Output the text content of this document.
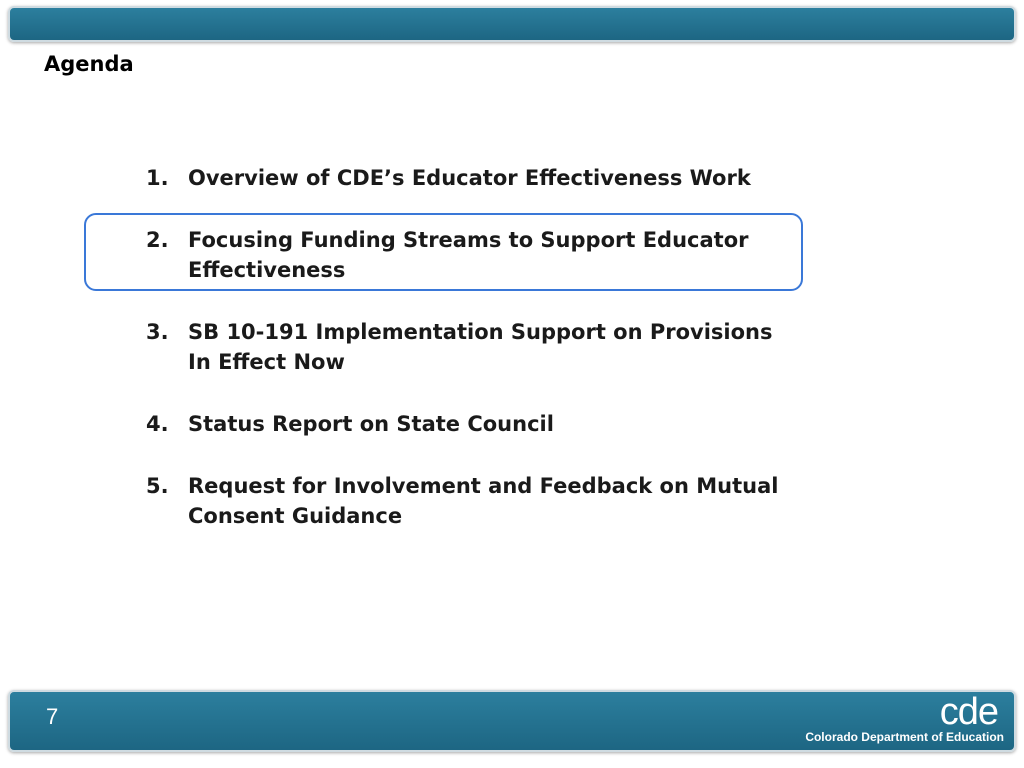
Agenda
1. Overview of CDE’s Educator Effectiveness Work
2. Focusing Funding Streams to Support Educator Effectiveness
3. SB 10-191 Implementation Support on Provisions In Effect Now
4. Status Report on State Council
5. Request for Involvement and Feedback on Mutual Consent Guidance
7	cde
Colorado Department of Education
